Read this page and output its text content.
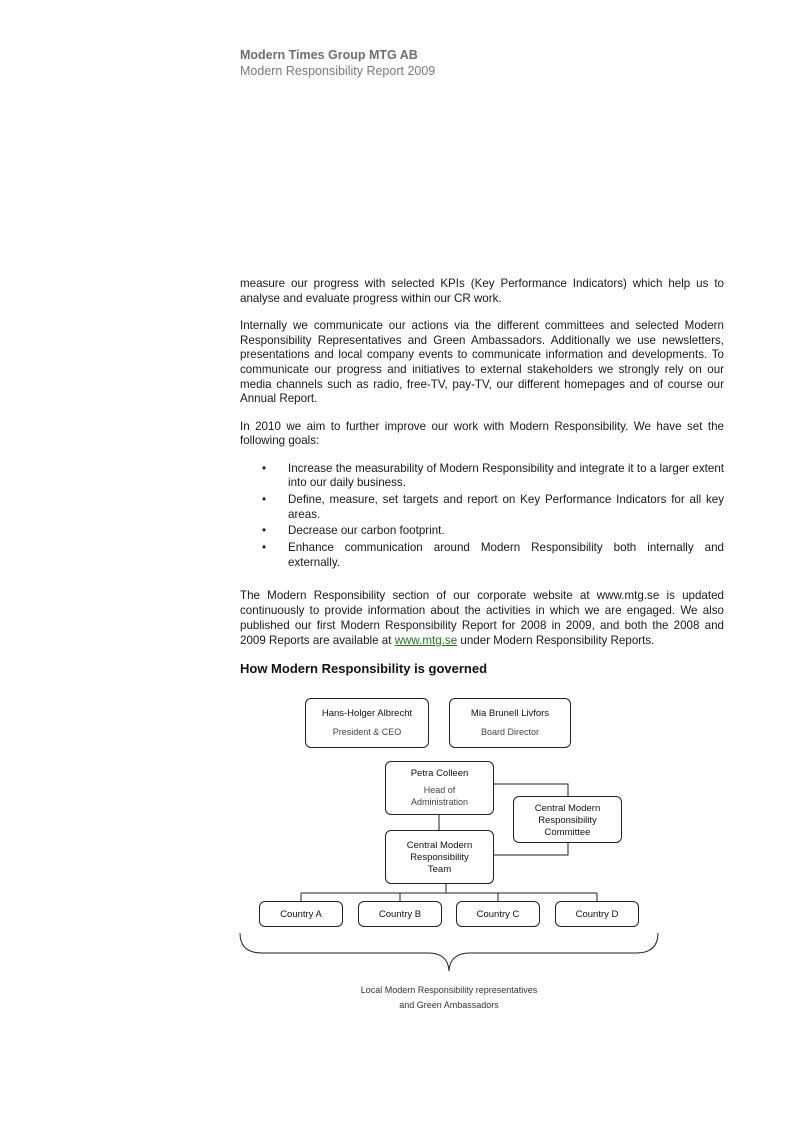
Modern Times Group MTG AB
Modern Responsibility Report 2009

measure our progress with selected KPIs (Key Performance Indicators) which help us to analyse and evaluate progress within our CR work.

Internally we communicate our actions via the different committees and selected Modern Responsibility Representatives and Green Ambassadors. Additionally we use newsletters, presentations and local company events to communicate information and developments. To communicate our progress and initiatives to external stakeholders we strongly rely on our media channels such as radio, free-TV, pay-TV, our different homepages and of course our Annual Report.

In 2010 we aim to further improve our work with Modern Responsibility. We have set the following goals:

• Increase the measurability of Modern Responsibility and integrate it to a larger extent into our daily business.
• Define, measure, set targets and report on Key Performance Indicators for all key areas.
• Decrease our carbon footprint.
• Enhance communication around Modern Responsibility both internally and externally.

The Modern Responsibility section of our corporate website at www.mtg.se is updated continuously to provide information about the activities in which we are engaged. We also published our first Modern Responsibility Report for 2008 in 2009, and both the 2008 and 2009 Reports are available at www.mtg.se under Modern Responsibility Reports.

How Modern Responsibility is governed
Hans-Holger Albrecht
President & CEO
Mia Brunell Livfors
Board Director
Petra Colleen
Head of
Administration
Central Modern
Responsibility
Committee
Central Modern
Responsibility
Team
Country A	Country B	Country C	Country D
Local Modern Responsibility representatives
and Green Ambassadors
